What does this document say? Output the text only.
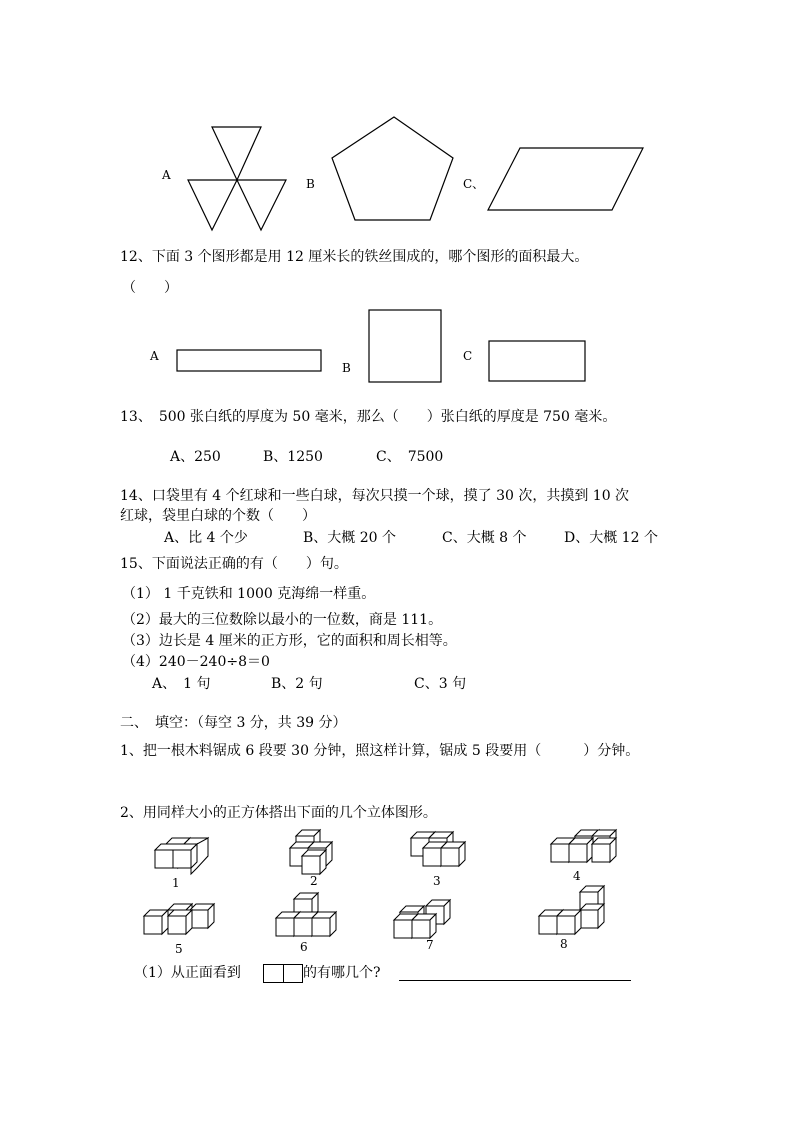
A
B	C、
12、下面 3 个图形都是用 12 厘米长的铁丝围成的，哪个图形的面积最大。
（　　）
A
B
C
13、　500 张白纸的厚度为 50 毫米，那么（　　）张白纸的厚度是 750 毫米。
A、250	B、1250	C、　7500
14、口袋里有 4 个红球和一些白球，每次只摸一个球，摸了 30 次，共摸到 10 次
红球，袋里白球的个数（　　）
A、比 4 个少	B、大概 20 个	C、大概 8 个	D、大概 12 个
15、下面说法正确的有（　　）句。
（1） 1 千克铁和 1000 克海绵一样重。
（2）最大的三位数除以最小的一位数，商是 111。
（3）边长是 4 厘米的正方形，它的面积和周长相等。
（4）240－240÷8＝0
A、　1 句	B、2 句	C、3 句
二、　填空：（每空 3 分，共 39 分）
1、把一根木料锯成 6 段要 30 分钟，照这样计算，锯成 5 段要用（　　　）分钟。
2、用同样大小的正方体搭出下面的几个立体图形。
1	2	3	4
5	6	7	8
（1）从正面看到	的有哪几个?
